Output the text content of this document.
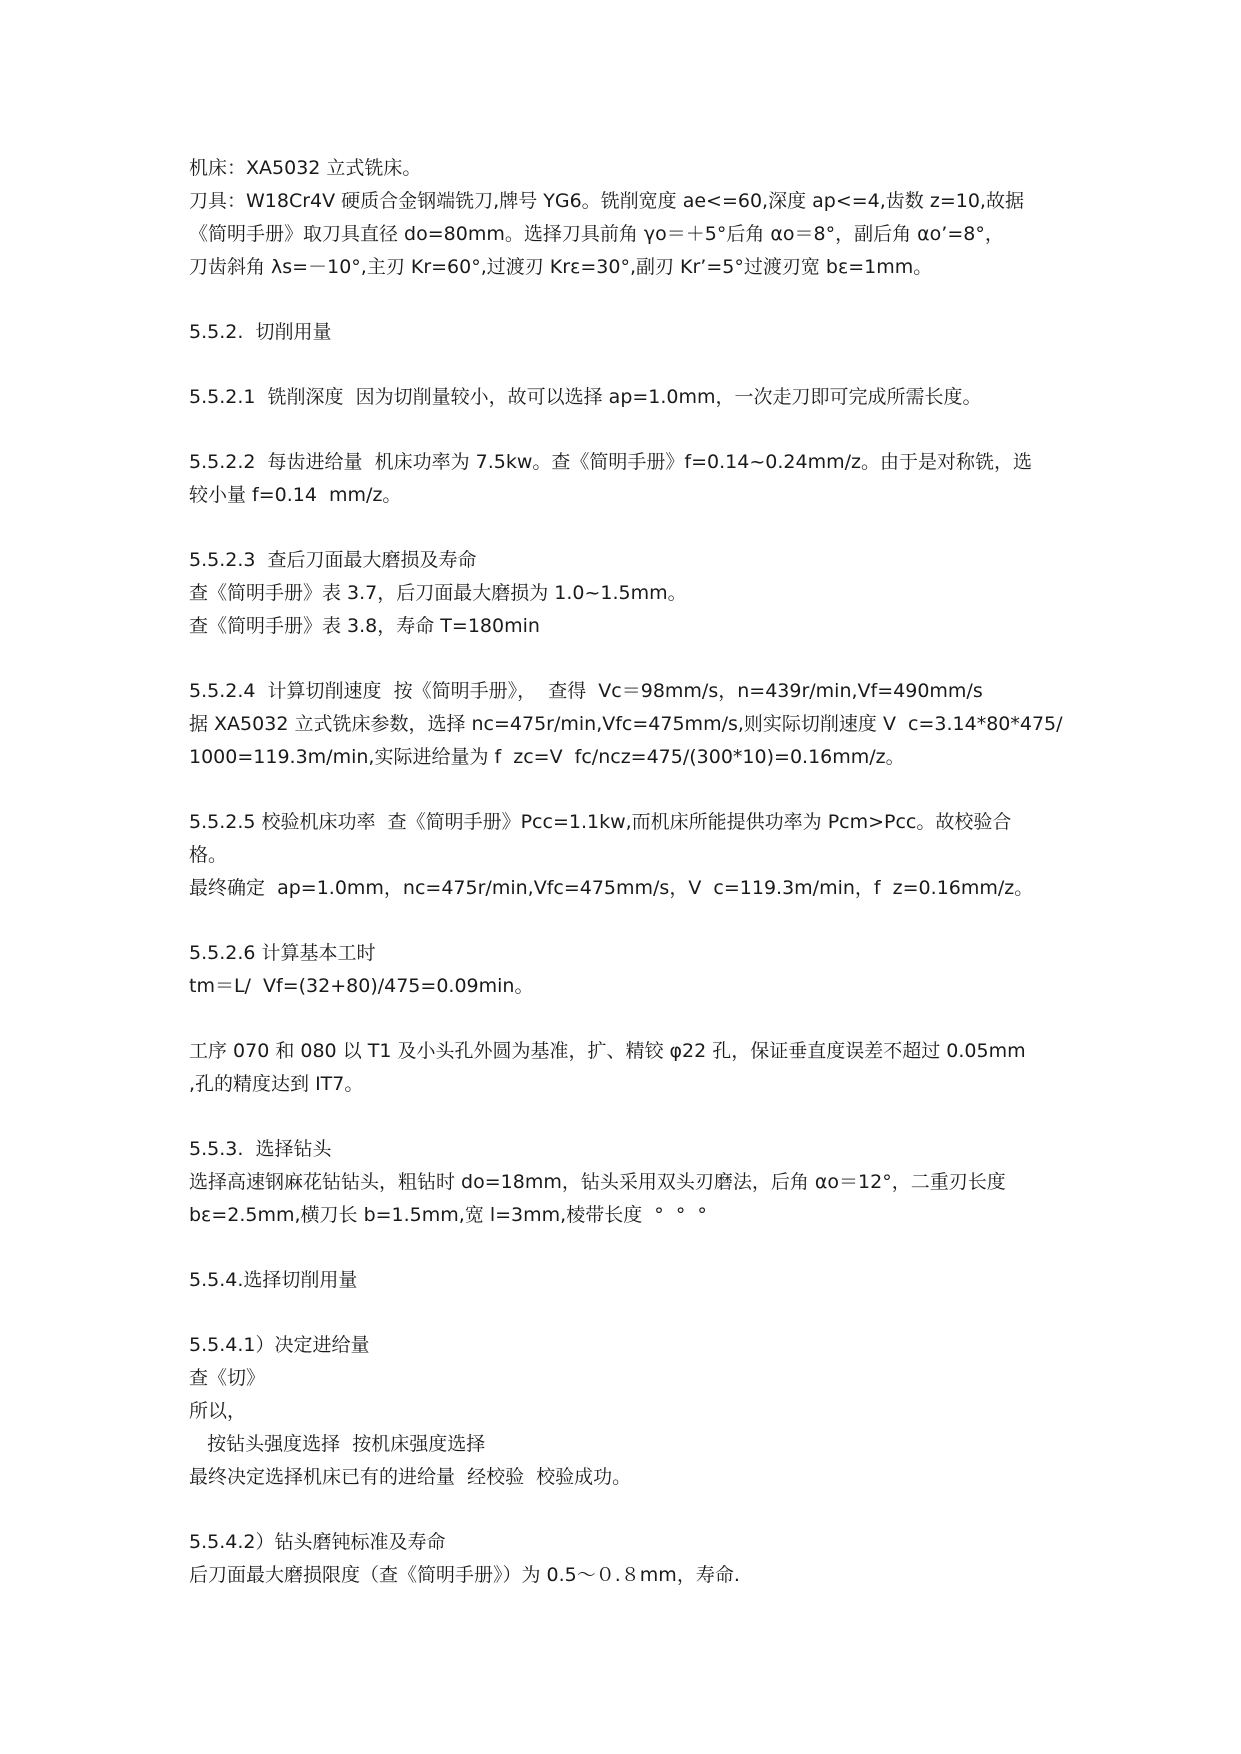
机床：XA5032 立式铣床。

刀具：W18Cr4V 硬质合金钢端铣刀,牌号 YG6。铣削宽度 ae<=60,深度 ap<=4,齿数 z=10,故据

《简明手册》取刀具直径 do=80mm。选择刀具前角 γo＝＋5°后角 αo＝8°，副后角 αo’=8°，

刀齿斜角 λs=－10°,主刃 Kr=60°,过渡刃 Krε=30°,副刃 Kr’=5°过渡刃宽 bε=1mm。

5.5.2.  切削用量

5.5.2.1  铣削深度  因为切削量较小，故可以选择 ap=1.0mm，一次走刀即可完成所需长度。

5.5.2.2  每齿进给量  机床功率为 7.5kw。查《简明手册》f=0.14~0.24mm/z。由于是对称铣，选

较小量 f=0.14  mm/z。

5.5.2.3  查后刀面最大磨损及寿命

查《简明手册》表 3.7，后刀面最大磨损为 1.0~1.5mm。

查《简明手册》表 3.8，寿命 T=180min

5.5.2.4  计算切削速度  按《简明手册》，  查得  Vc＝98mm/s，n=439r/min,Vf=490mm/s

据 XA5032 立式铣床参数，选择 nc=475r/min,Vfc=475mm/s,则实际切削速度 V  c=3.14*80*475/

1000=119.3m/min,实际进给量为 f  zc=V  fc/ncz=475/(300*10)=0.16mm/z。

5.5.2.5 校验机床功率  查《简明手册》Pcc=1.1kw,而机床所能提供功率为 Pcm>Pcc。故校验合

格。

最终确定  ap=1.0mm，nc=475r/min,Vfc=475mm/s，V  c=119.3m/min，f  z=0.16mm/z。

5.5.2.6 计算基本工时

tm＝L/  Vf=(32+80)/475=0.09min。

工序 070 和 080 以 T1 及小头孔外圆为基准，扩、精铰 φ22 孔，保证垂直度误差不超过 0.05mm

,孔的精度达到 IT7。

5.5.3.  选择钻头

选择高速钢麻花钻钻头，粗钻时 do=18mm，钻头采用双头刃磨法，后角 αo＝12°，二重刃长度

bε=2.5mm,横刀长 b=1.5mm,宽 l=3mm,棱带长度  °  °  °

5.5.4.选择切削用量

5.5.4.1）决定进给量

查《切》

所以，

按钻头强度选择  按机床强度选择

最终决定选择机床已有的进给量  经校验  校验成功。

5.5.4.2）钻头磨钝标准及寿命

后刀面最大磨损限度（查《简明手册》）为 0.5～０.８mm，寿命.
